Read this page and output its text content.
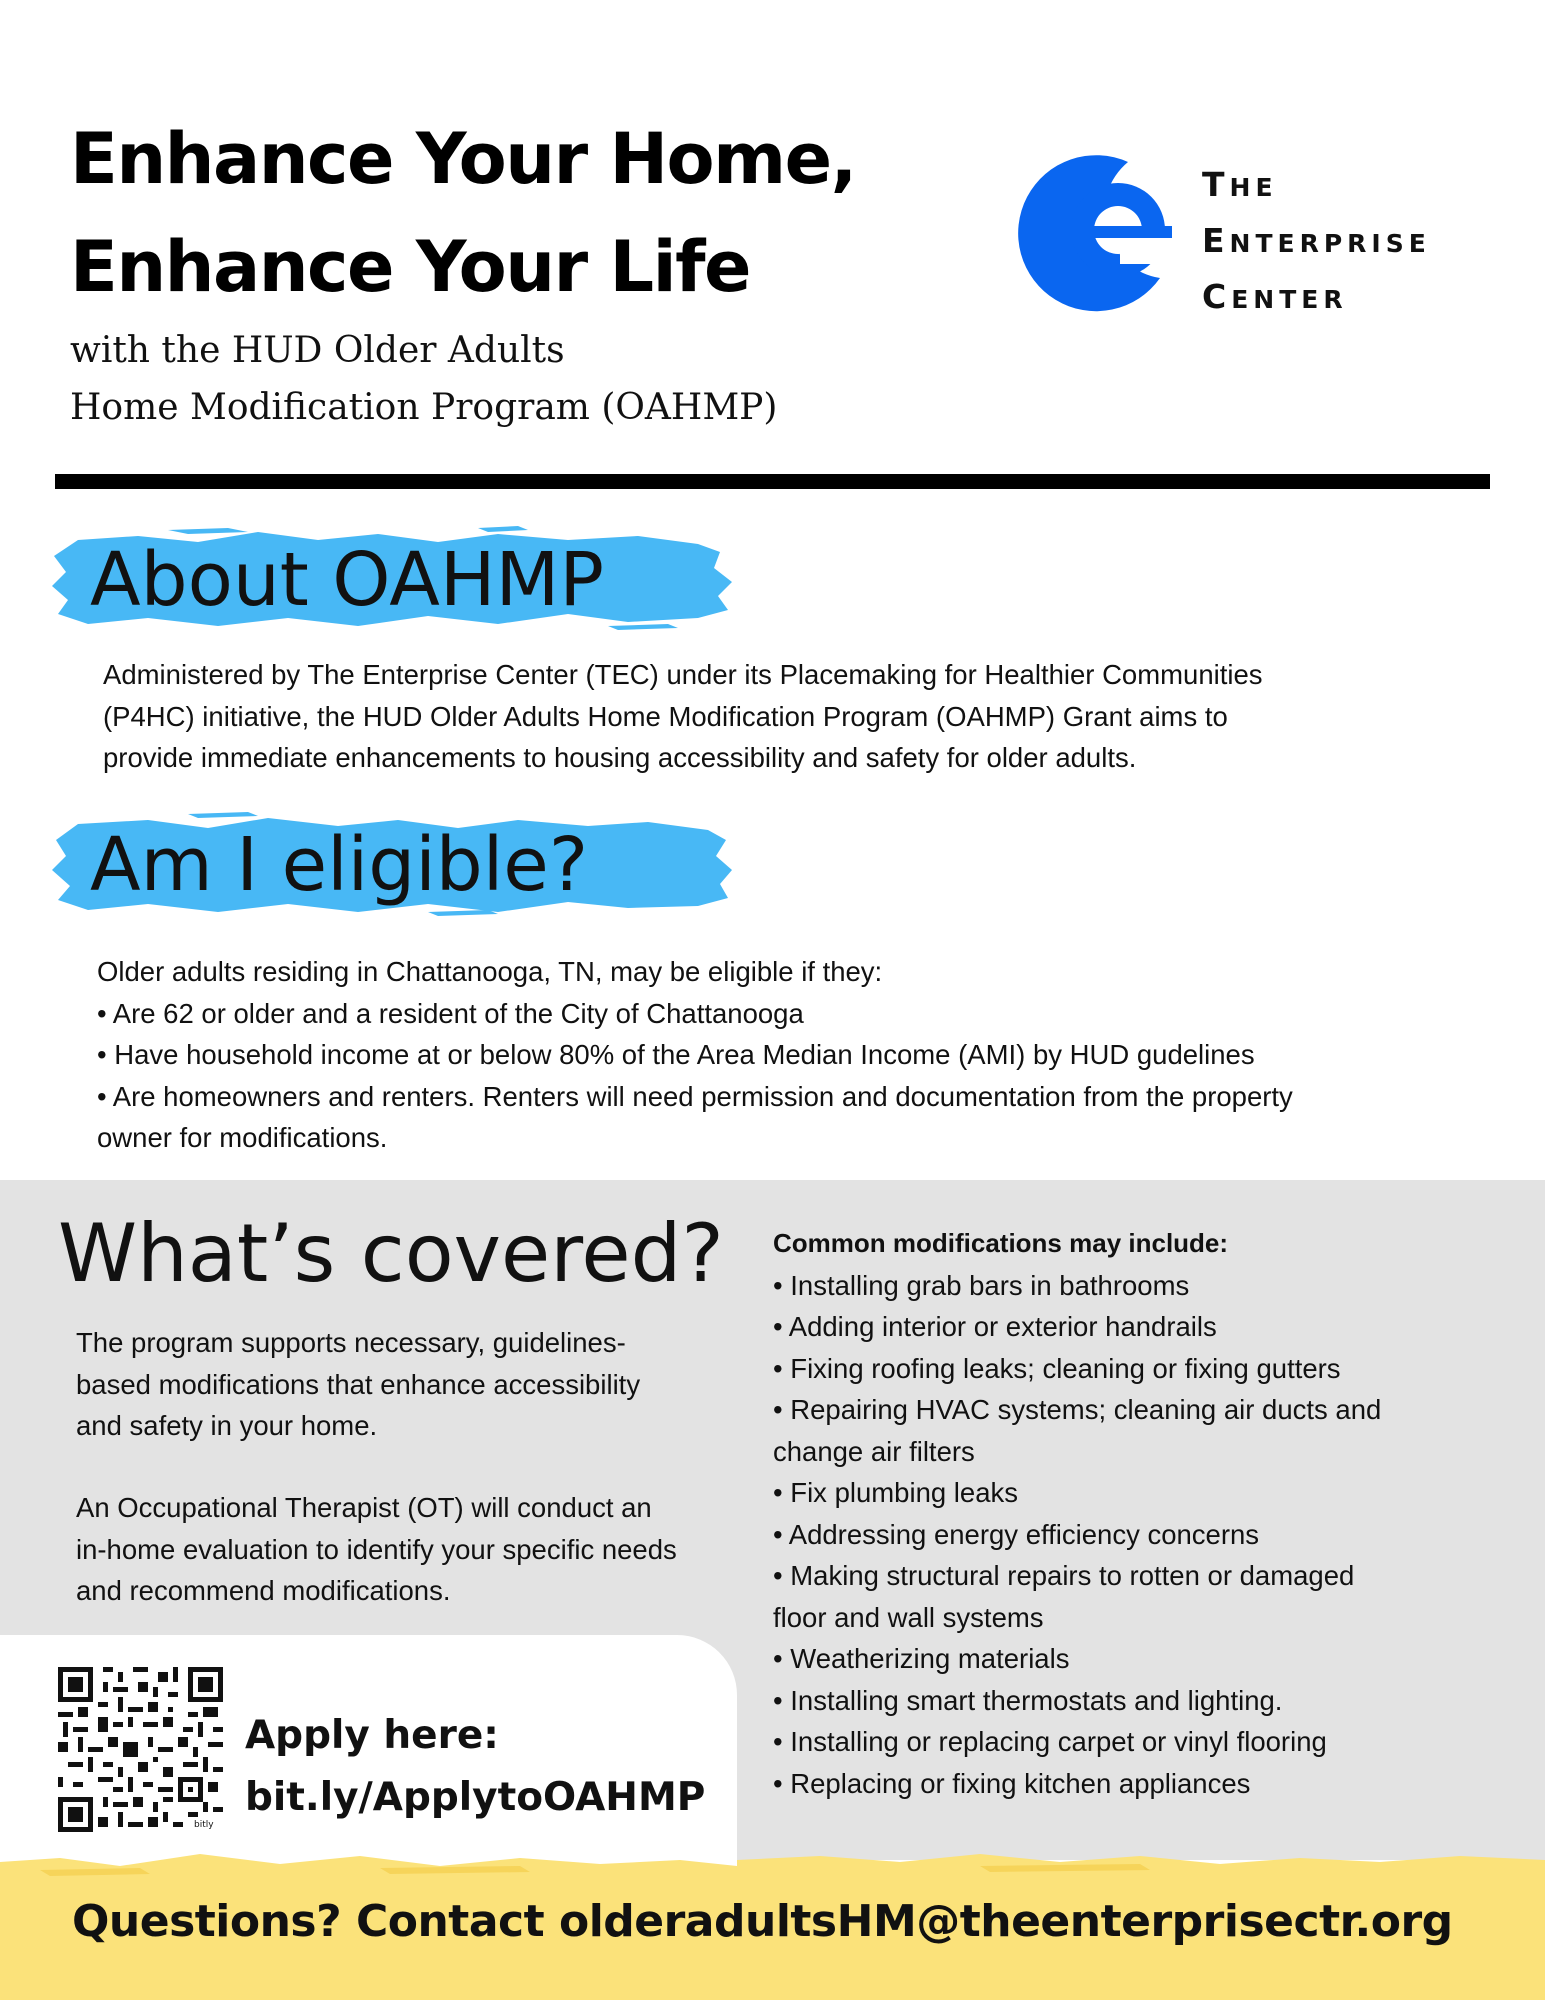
Enhance Your Home,
Enhance Your Life
with the HUD Older Adults
Home Modification Program (OAHMP)
THE
ENTERPRISE
CENTER
About OAHMP
Administered by The Enterprise Center (TEC) under its Placemaking for Healthier Communities
(P4HC) initiative, the HUD Older Adults Home Modification Program (OAHMP) Grant aims to
provide immediate enhancements to housing accessibility and safety for older adults.
Am I eligible?
Older adults residing in Chattanooga, TN, may be eligible if they:
• Are 62 or older and a resident of the City of Chattanooga
• Have household income at or below 80% of the Area Median Income (AMI) by HUD gudelines
• Are homeowners and renters. Renters will need permission and documentation from the property
owner for modifications.
What’s covered?
The program supports necessary, guidelines-
based modifications that enhance accessibility
and safety in your home.
An Occupational Therapist (OT) will conduct an
in-home evaluation to identify your specific needs
and recommend modifications.
Common modifications may include:
• Installing grab bars in bathrooms
• Adding interior or exterior handrails
• Fixing roofing leaks; cleaning or fixing gutters
• Repairing HVAC systems; cleaning air ducts and
change air filters
• Fix plumbing leaks
• Addressing energy efficiency concerns
• Making structural repairs to rotten or damaged
floor and wall systems
• Weatherizing materials
• Installing smart thermostats and lighting.
• Installing or replacing carpet or vinyl flooring
• Replacing or fixing kitchen appliances
bitly
Apply here:
bit.ly/ApplytoOAHMP
Questions? Contact olderadultsHM@theenterprisectr.org
